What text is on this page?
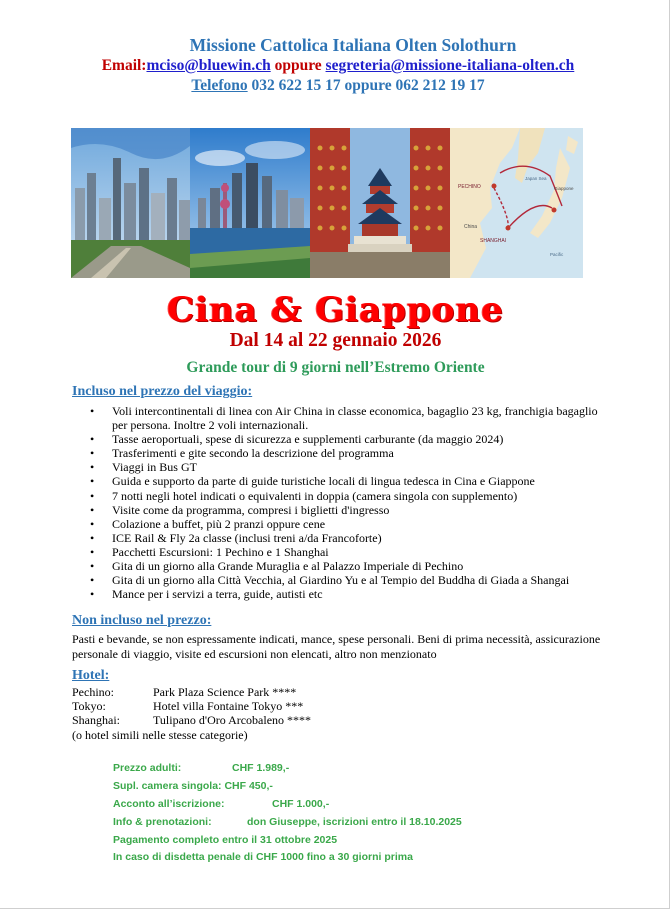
Missione Cattolica Italiana Olten Solothurn
Email:mciso@bluewin.ch oppure segreteria@missione-italiana-olten.ch
Telefono 032 622 15 17 oppure 062 212 19 17
PECHINO
Japan Sea
Giappone
China
SHANGHAI
Pacific
Cina & Giappone
Dal 14 al 22 gennaio 2026
Grande tour di 9 giorni nell’Estremo Oriente
Incluso nel prezzo del viaggio:
• Voli intercontinentali di linea con Air China in classe economica, bagaglio 23 kg, franchigia bagaglio per persona. Inoltre 2 voli internazionali.
• Tasse aeroportuali, spese di sicurezza e supplementi carburante (da maggio 2024)
• Trasferimenti e gite secondo la descrizione del programma
• Viaggi in Bus GT
• Guida e supporto da parte di guide turistiche locali di lingua tedesca in Cina e Giappone
• 7 notti negli hotel indicati o equivalenti in doppia (camera singola con supplemento)
• Visite come da programma, compresi i biglietti d'ingresso
• Colazione a buffet, più 2 pranzi oppure cene
• ICE Rail & Fly 2a classe (inclusi treni a/da Francoforte)
• Pacchetti Escursioni: 1 Pechino e 1 Shanghai
• Gita di un giorno alla Grande Muraglia e al Palazzo Imperiale di Pechino
• Gita di un giorno alla Città Vecchia, al Giardino Yu e al Tempio del Buddha di Giada a Shangai
• Mance per i servizi a terra, guide, autisti etc
Non incluso nel prezzo:
Pasti e bevande, se non espressamente indicati, mance, spese personali. Beni di prima necessità, assicurazione personale di viaggio, visite ed escursioni non elencati, altro non menzionato
Hotel:
Pechino:	Park Plaza Science Park ****
Tokyo:	Hotel villa Fontaine Tokyo ***
Shanghai:	Tulipano d'Oro Arcobaleno ****
(o hotel simili nelle stesse categorie)
Prezzo adulti:	CHF 1.989,-
Supl. camera singola: CHF 450,-
Acconto all’iscrizione:	CHF 1.000,-
Info & prenotazioni:	don Giuseppe, iscrizioni entro il 18.10.2025
Pagamento completo entro il 31 ottobre 2025
In caso di disdetta penale di CHF 1000 fino a 30 giorni prima
